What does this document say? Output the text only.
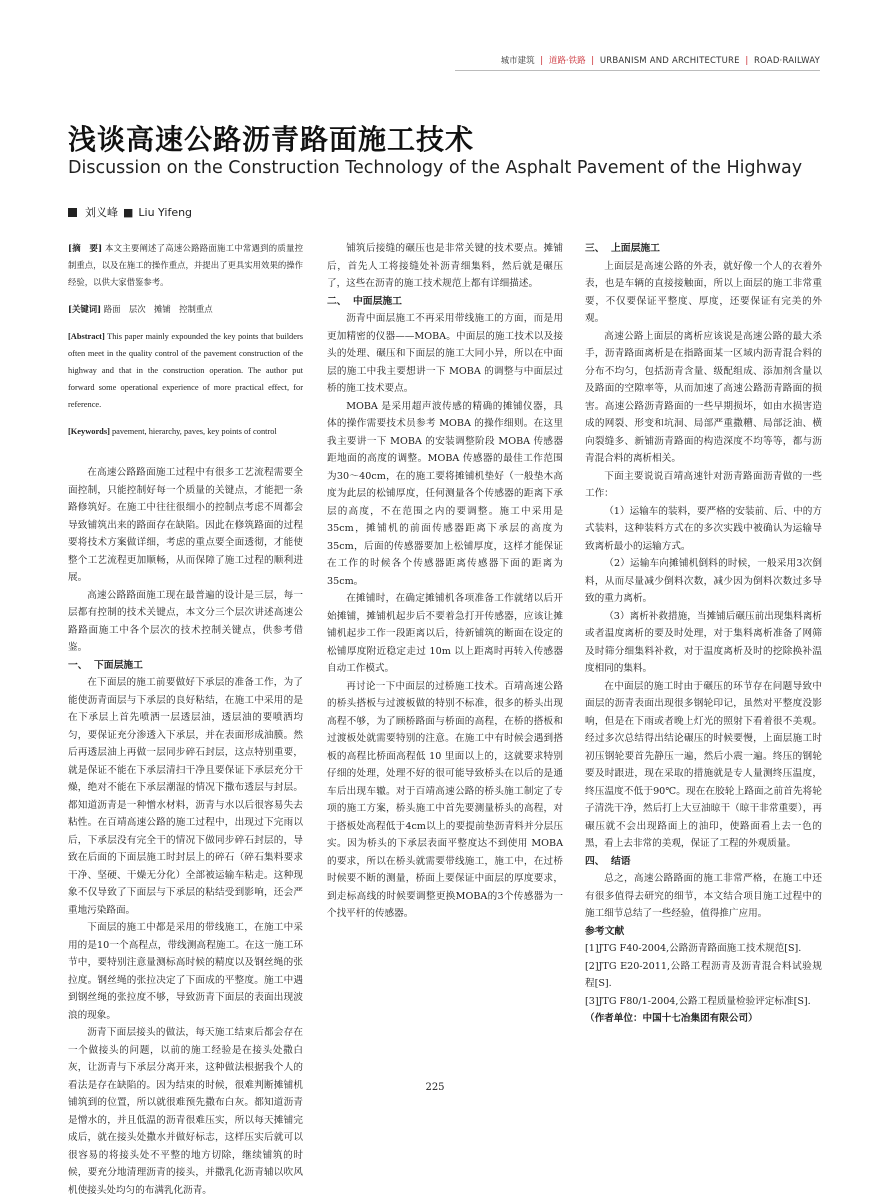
城市建筑 | 道路·铁路 | URBANISM AND ARCHITECTURE | ROAD·RAILWAY
浅谈高速公路沥青路面施工技术
Discussion on the Construction Technology of the Asphalt Pavement of the Highway
刘义峰 ■ Liu Yifeng

[摘　要] 本文主要阐述了高速公路路面施工中常遇到的质量控制重点，以及在施工的操作重点，并提出了更具实用效果的操作经验，以供大家借鉴参考。

[关键词] 路面　层次　摊铺　控制重点

[Abstract] This paper mainly expounded the key points that builders often meet in the quality control of the pavement construction of the highway and that in the construction operation. The author put forward some operational experience of more practical effect, for reference.

[Keywords] pavement, hierarchy, paves, key points of control

在高速公路路面施工过程中有很多工艺流程需要全面控制，只能控制好每一个质量的关键点，才能把一条路修筑好。在施工中往往很细小的控制点考虑不周都会导致铺筑出来的路面存在缺陷。因此在修筑路面的过程要将技术方案做详细，考虑的重点要全面透彻，才能使整个工艺流程更加顺畅，从而保障了施工过程的顺利进展。

高速公路路面施工现在最普遍的设计是三层，每一层都有控制的技术关键点，本文分三个层次讲述高速公路路面施工中各个层次的技术控制关键点，供参考借鉴。

一、 下面层施工

在下面层的施工前要做好下承层的准备工作，为了能使沥青面层与下承层的良好粘结，在施工中采用的是在下承层上首先喷洒一层透层油，透层油的要喷洒均匀，要保证充分渗透入下承层，并在表面形成油膜。然后再透层油上再做一层同步碎石封层，这点特别重要，就是保证不能在下承层清扫干净且要保证下承层充分干燥，绝对不能在下承层潮湿的情况下撒布透层与封层。都知道沥青是一种憎水材料，沥青与水以后很容易失去粘性。在百靖高速公路的施工过程中，出现过下完雨以后，下承层没有完全干的情况下做同步碎石封层的，导致在后面的下面层施工时封层上的碎石（碎石集料要求干净、坚硬、干燥无分化）全部被运输车粘走。这种现象不仅导致了下面层与下承层的粘结受到影响，还会严重地污染路面。

下面层的施工中都是采用的带线施工，在施工中采用的是10一个高程点，带线测高程施工。在这一施工环节中，要特别注意量测标高时候的精度以及钢丝绳的张拉度。钢丝绳的张拉决定了下面成的平整度。施工中遇到钢丝绳的张拉度不够，导致沥青下面层的表面出现波浪的现象。

沥青下面层接头的做法，每天施工结束后都会存在一个做接头的问题，以前的施工经验是在接头处撒白灰，让沥青与下承层分离开来，这种做法根据我个人的看法是存在缺陷的。因为结束的时候，很难判断摊铺机铺筑到的位置，所以就很难预先撒布白灰。都知道沥青是憎水的，并且低温的沥青很难压实，所以每天摊铺完成后，就在接头处撒水并做好标志，这样压实后就可以很容易的将接头处不平整的地方切除，继续铺筑的时候，要充分地清理沥青的接头，并撒乳化沥青辅以吹风机使接头处均匀的布满乳化沥青。

铺筑后接缝的碾压也是非常关键的技术要点。摊铺后，首先人工将接缝处补沥青细集料，然后就是碾压了，这些在沥青的施工技术规范上都有详细描述。

二、 中面层施工

沥青中面层施工不再采用带线施工的方面，而是用更加精密的仪器——MOBA。中面层的施工技术以及接头的处理、碾压和下面层的施工大同小异，所以在中面层的施工中我主要想讲一下 MOBA 的调整与中面层过桥的施工技术要点。

MOBA 是采用超声波传感的精确的摊铺仪器，具体的操作需要技术员参考 MOBA 的操作细则。在这里我主要讲一下 MOBA 的安装调整阶段 MOBA 传感器距地面的高度的调整。MOBA 传感器的最佳工作范围为30～40cm，在的施工要将摊铺机垫好（一般垫木高度为此层的松铺厚度，任何测量各个传感器的距离下承层的高度，不在范围之内的要调整。施工中采用是35cm，摊铺机的前面传感器距离下承层的高度为35cm，后面的传感器要加上松铺厚度，这样才能保证在工作的时候各个传感器距离传感器下面的距离为35cm。

在摊铺时，在确定摊铺机各项准备工作就绪以后开始摊铺，摊铺机起步后不要着急打开传感器，应该让摊铺机起步工作一段距离以后，待新铺筑的断面在设定的松铺厚度附近稳定走过 10m 以上距离时再转入传感器自动工作模式。

再讨论一下中面层的过桥施工技术。百靖高速公路的桥头搭板与过渡板做的特别不标准，很多的桥头出现高程不够，为了顾桥路面与桥面的高程，在桥的搭板和过渡板处就需要特别的注意。在施工中有时候会遇到搭板的高程比桥面高程低 10 里面以上的，这就要求特别仔细的处理，处理不好的很可能导致桥头在以后的是通车后出现车辙。对于百靖高速公路的桥头施工制定了专项的施工方案，桥头施工中首先要测量桥头的高程，对于搭板处高程低于4cm以上的要提前垫沥青料并分层压实。因为桥头的下承层表面平整度达不到使用 MOBA 的要求，所以在桥头就需要带线施工，施工中，在过桥时候要不断的测量，桥面上要保证中面层的厚度要求，到走标高线的时候要调整更换MOBA的3个传感器为一个找平杆的传感器。

三、 上面层施工

上面层是高速公路的外表，就好像一个人的衣着外表，也是车辆的直接接触面，所以上面层的施工非常重要，不仅要保证平整度、厚度，还要保证有完美的外观。

高速公路上面层的离析应该说是高速公路的最大杀手，沥青路面离析是在指路面某一区域内沥青混合料的分布不均匀，包括沥青含量、级配组成、添加剂含量以及路面的空隙率等，从而加速了高速公路沥青路面的损害。高速公路沥青路面的一些早期损坏，如由水损害造成的网裂、形变和坑洞、局部严重撒糟、局部泛油、横向裂缝多、新铺沥青路面的构造深度不均等等，都与沥青混合料的离析相关。

下面主要说说百靖高速针对沥青路面沥青做的一些工作：

（1）运输车的装料，要严格的安装前、后、中的方式装料，这种装料方式在的多次实践中被确认为运输导致离析最小的运输方式。

（2）运输车向摊铺机倒料的时候，一般采用3次倒料，从而尽量减少倒料次数，减少因为倒料次数过多导致的重力离析。

（3）离析补救措施，当摊铺后碾压前出现集料离析或者温度离析的要及时处理，对于集料离析准备了网筛及时筛分细集料补救，对于温度离析及时的挖除换补温度相同的集料。

在中面层的施工时由于碾压的环节存在问题导致中面层的沥青表面出现很多钢轮印记，虽然对平整度没影响，但是在下雨或者晚上灯光的照射下看着很不美观。经过多次总结得出结论碾压的时候要慢，上面层施工时初压钢轮要首先静压一遍，然后小震一遍。终压的钢轮要及时跟进，现在采取的措施就是专人量测终压温度，终压温度不低于90℃。现在在胶轮上路面之前首先将轮子清洗干净，然后打上大豆油晾干（晾干非常重要），再碾压就不会出现路面上的油印，使路面看上去一色的黑，看上去非常的美观，保证了工程的外观质量。

四、 结语

总之，高速公路路面的施工非常严格，在施工中还有很多值得去研究的细节，本文结合项目施工过程中的施工细节总结了一些经验，值得推广应用。

参考文献

[1]JTG F40-2004,公路沥青路面施工技术规范[S].

[2]JTG E20-2011,公路工程沥青及沥青混合料试验规程[S].

[3]JTG F80/1-2004,公路工程质量检验评定标准[S].

（作者单位：中国十七冶集团有限公司）

225
